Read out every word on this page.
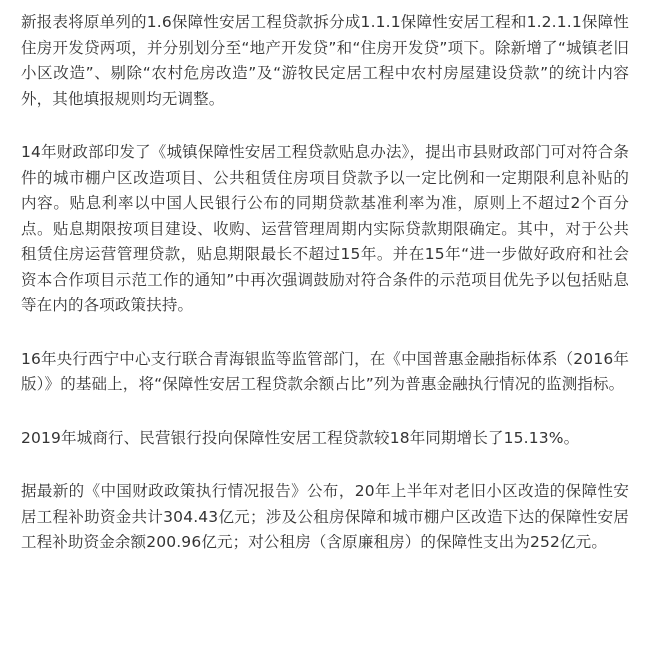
新报表将原单列的1.6保障性安居工程贷款拆分成1.1.1保障性安居工程和1.2.1.1保障性住房开发贷两项，并分别划分至“地产开发贷”和“住房开发贷”项下。除新增了“城镇老旧小区改造”、剔除“农村危房改造”及“游牧民定居工程中农村房屋建设贷款”的统计内容外，其他填报规则均无调整。

14年财政部印发了《城镇保障性安居工程贷款贴息办法》，提出市县财政部门可对符合条件的城市棚户区改造项目、公共租赁住房项目贷款予以一定比例和一定期限利息补贴的内容。贴息利率以中国人民银行公布的同期贷款基准利率为准，原则上不超过2个百分点。贴息期限按项目建设、收购、运营管理周期内实际贷款期限确定。其中，对于公共租赁住房运营管理贷款，贴息期限最长不超过15年。并在15年“进一步做好政府和社会资本合作项目示范工作的通知”中再次强调鼓励对符合条件的示范项目优先予以包括贴息等在内的各项政策扶持。

16年央行西宁中心支行联合青海银监等监管部门，在《中国普惠金融指标体系（2016年版）》的基础上，将“保障性安居工程贷款余额占比”列为普惠金融执行情况的监测指标。

2019年城商行、民营银行投向保障性安居工程贷款较18年同期增长了15.13%。

据最新的《中国财政政策执行情况报告》公布，20年上半年对老旧小区改造的保障性安居工程补助资金共计304.43亿元；涉及公租房保障和城市棚户区改造下达的保障性安居工程补助资金余额200.96亿元；对公租房（含原廉租房）的保障性支出为252亿元。
